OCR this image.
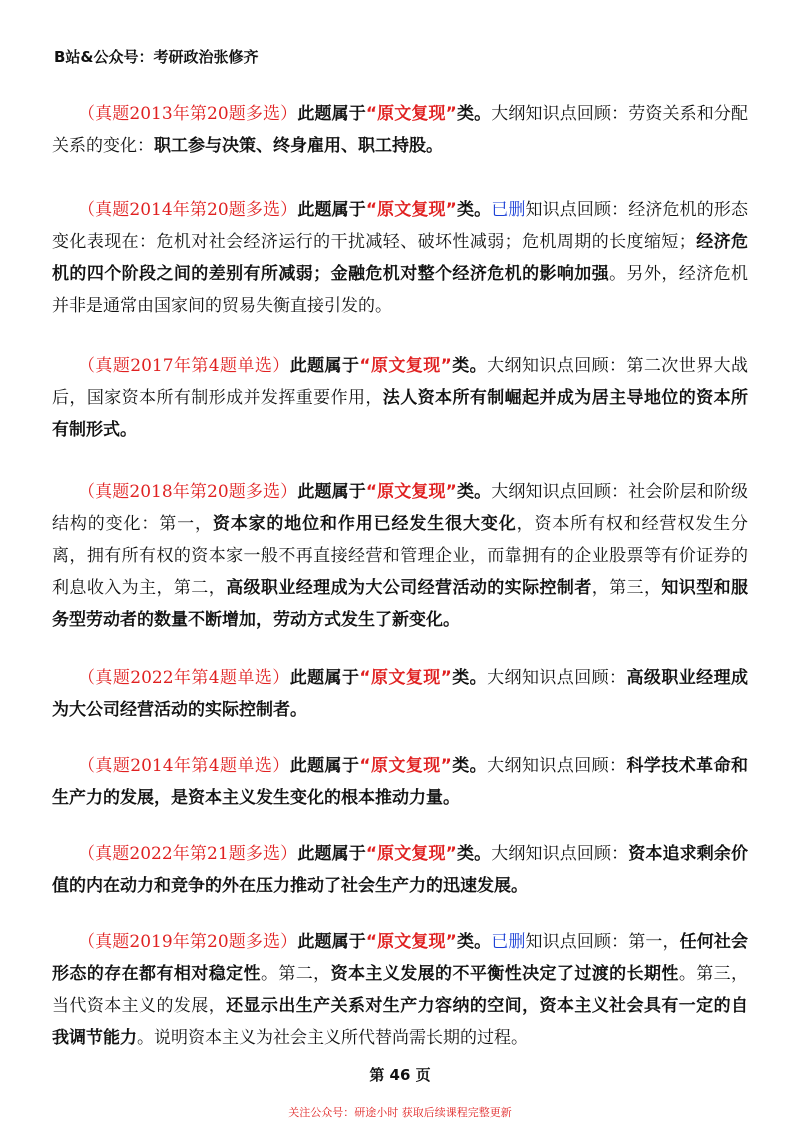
B站&公众号：考研政治张修齐

（真题2013年第20题多选）此题属于“原文复现”类。大纲知识点回顾：劳资关系和分配关系的变化：职工参与决策、终身雇用、职工持股。

（真题2014年第20题多选）此题属于“原文复现”类。已删知识点回顾：经济危机的形态变化表现在：危机对社会经济运行的干扰减轻、破坏性减弱；危机周期的长度缩短；经济危机的四个阶段之间的差别有所减弱；金融危机对整个经济危机的影响加强。另外，经济危机并非是通常由国家间的贸易失衡直接引发的。

（真题2017年第4题单选）此题属于“原文复现”类。大纲知识点回顾：第二次世界大战后，国家资本所有制形成并发挥重要作用，法人资本所有制崛起并成为居主导地位的资本所有制形式。

（真题2018年第20题多选）此题属于“原文复现”类。大纲知识点回顾：社会阶层和阶级结构的变化：第一，资本家的地位和作用已经发生很大变化，资本所有权和经营权发生分离，拥有所有权的资本家一般不再直接经营和管理企业，而靠拥有的企业股票等有价证券的利息收入为主，第二，高级职业经理成为大公司经营活动的实际控制者，第三，知识型和服务型劳动者的数量不断增加，劳动方式发生了新变化。

（真题2022年第4题单选）此题属于“原文复现”类。大纲知识点回顾：高级职业经理成为大公司经营活动的实际控制者。

（真题2014年第4题单选）此题属于“原文复现”类。大纲知识点回顾：科学技术革命和生产力的发展，是资本主义发生变化的根本推动力量。

（真题2022年第21题多选）此题属于“原文复现”类。大纲知识点回顾：资本追求剩余价值的内在动力和竞争的外在压力推动了社会生产力的迅速发展。

（真题2019年第20题多选）此题属于“原文复现”类。已删知识点回顾：第一，任何社会形态的存在都有相对稳定性。第二，资本主义发展的不平衡性决定了过渡的长期性。第三，当代资本主义的发展，还显示出生产关系对生产力容纳的空间，资本主义社会具有一定的自我调节能力。说明资本主义为社会主义所代替尚需长期的过程。

第 46 页
关注公众号：研途小时 获取后续课程完整更新
